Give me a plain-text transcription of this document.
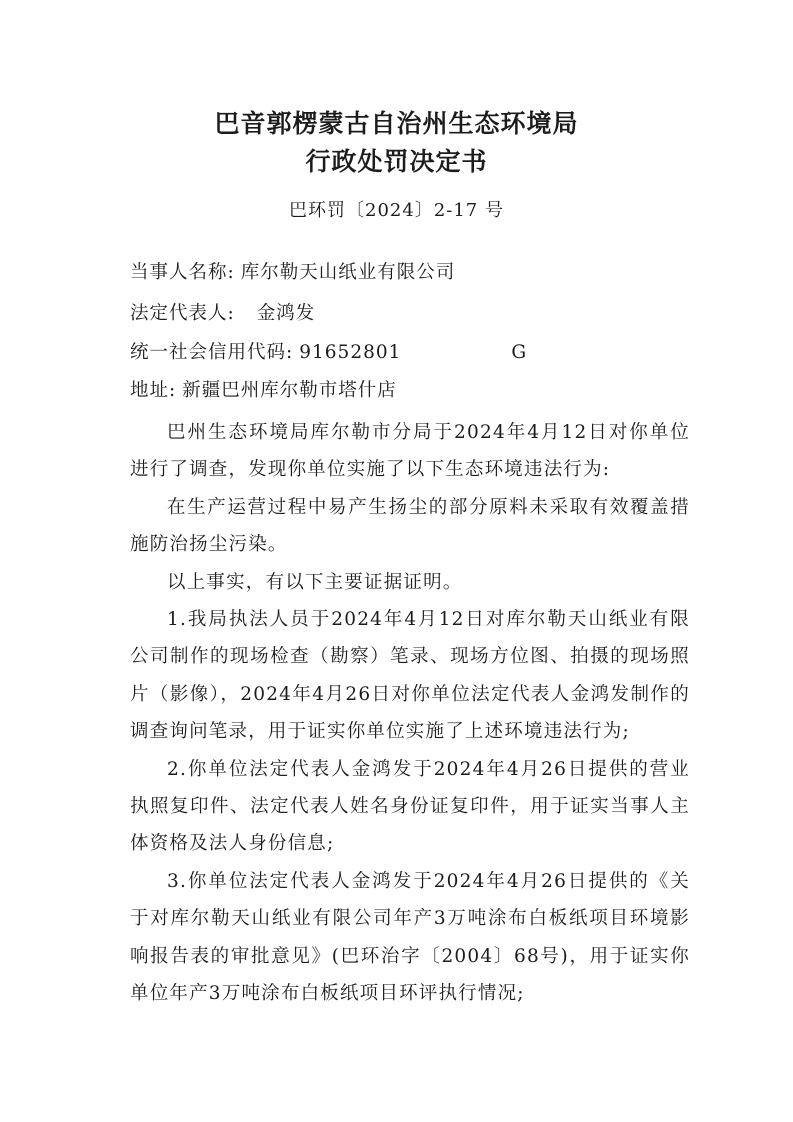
巴音郭楞蒙古自治州生态环境局
行政处罚决定书
巴环罚〔2024〕2-17 号
当事人名称: 库尔勒天山纸业有限公司
法定代表人: 金鸿发
统一社会信用代码: 91652801	G
地址: 新疆巴州库尔勒市塔什店

巴州生态环境局库尔勒市分局于2024年4月12日对你单位进行了调查，发现你单位实施了以下生态环境违法行为:

在生产运营过程中易产生扬尘的部分原料未采取有效覆盖措施防治扬尘污染。

以上事实，有以下主要证据证明。

1.我局执法人员于2024年4月12日对库尔勒天山纸业有限公司制作的现场检查（勘察）笔录、现场方位图、拍摄的现场照片（影像），2024年4月26日对你单位法定代表人金鸿发制作的调查询问笔录，用于证实你单位实施了上述环境违法行为;

2.你单位法定代表人金鸿发于2024年4月26日提供的营业执照复印件、法定代表人姓名身份证复印件，用于证实当事人主体资格及法人身份信息;

3.你单位法定代表人金鸿发于2024年4月26日提供的《关于对库尔勒天山纸业有限公司年产3万吨涂布白板纸项目环境影响报告表的审批意见》(巴环治字〔2004〕68号)，用于证实你单位年产3万吨涂布白板纸项目环评执行情况;
